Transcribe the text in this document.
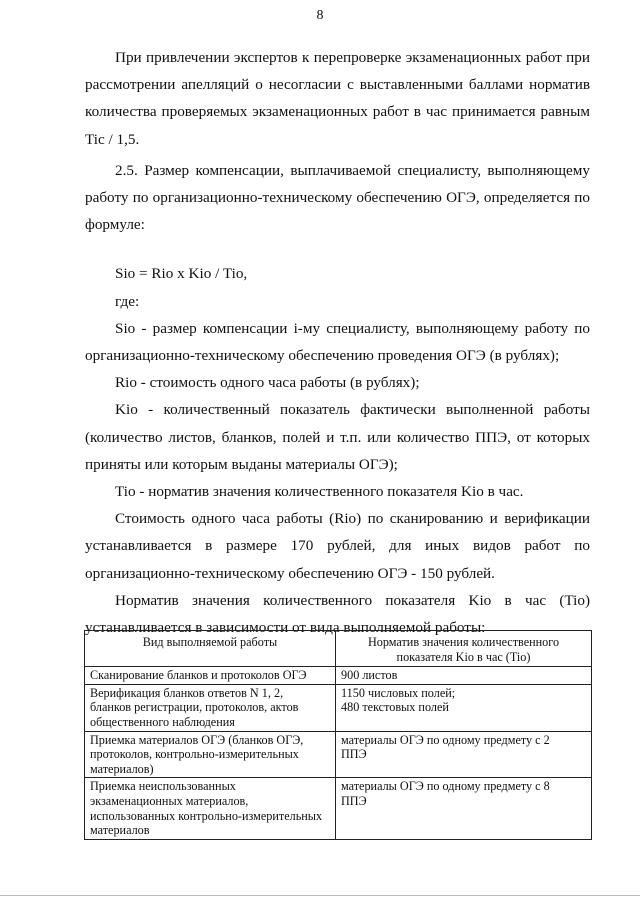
8

При привлечении экспертов к перепроверке экзаменационных работ при рассмотрении апелляций о несогласии с выставленными баллами норматив количества проверяемых экзаменационных работ в час принимается равным Tic / 1,5.

2.5. Размер компенсации, выплачиваемой специалисту, выполняющему работу по организационно-техническому обеспечению ОГЭ, определяется по формуле:

Sio = Rio x Kio / Tio,

где:

Sio - размер компенсации i-му специалисту, выполняющему работу по организационно-техническому обеспечению проведения ОГЭ (в рублях);

Rio - стоимость одного часа работы (в рублях);

Kio - количественный показатель фактически выполненной работы (количество листов, бланков, полей и т.п. или количество ППЭ, от которых приняты или которым выданы материалы ОГЭ);

Tio - норматив значения количественного показателя Kio в час.

Стоимость одного часа работы (Rio) по сканированию и верификации устанавливается в размере 170 рублей, для иных видов работ по организационно-техническому обеспечению ОГЭ - 150 рублей.

Норматив значения количественного показателя Kio в час (Tio) устанавливается в зависимости от вида выполняемой работы:

Вид выполняемой работы	Норматив значения количественного показателя Kio в час (Tio)

Сканирование бланков и протоколов ОГЭ	900 листов

Верификация бланков ответов N 1, 2,
бланков регистрации, протоколов, актов
общественного наблюдения	1150 числовых полей;
480 текстовых полей

Приемка материалов ОГЭ (бланков ОГЭ,
протоколов, контрольно-измерительных
материалов)	материалы ОГЭ по одному предмету с 2
ППЭ

Приемка неиспользованных
экзаменационных материалов,
использованных контрольно-измерительных
материалов	материалы ОГЭ по одному предмету с 8
ППЭ
